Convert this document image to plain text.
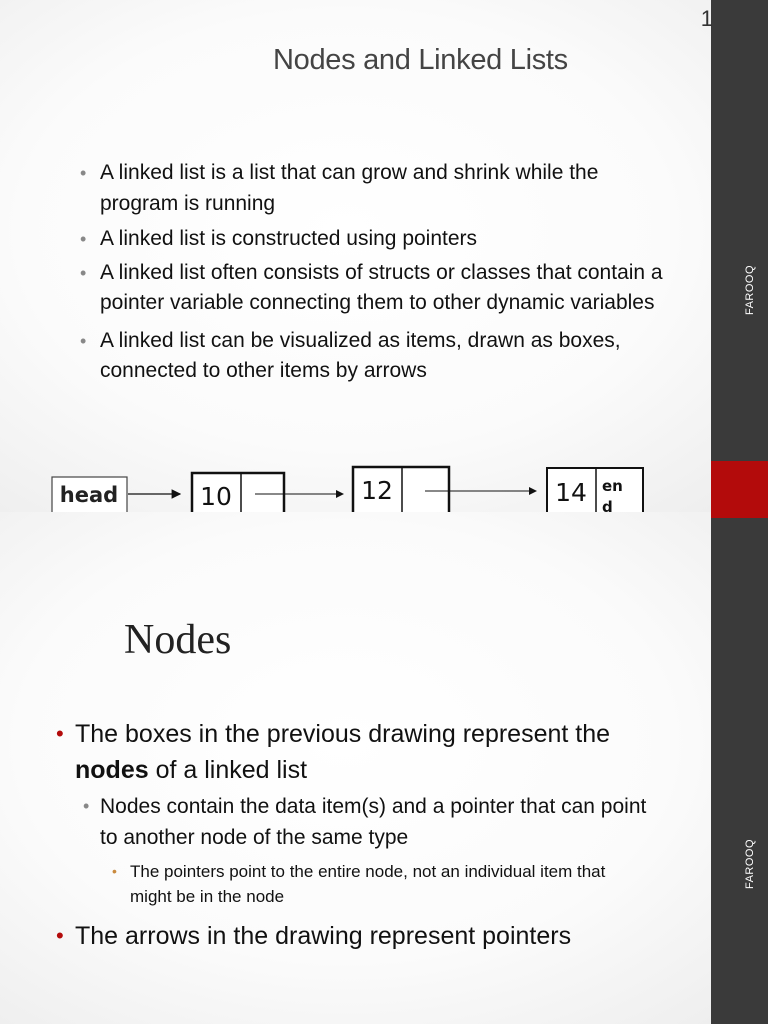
FAROOQ
1
Nodes and Linked Lists
• A linked list is a list that can grow and shrink while the program is running
• A linked list is constructed using pointers
• A linked list often consists of structs or classes that contain a pointer variable connecting them to other dynamic variables
• A linked list can be visualized as items, drawn as boxes, connected to other items by arrows
head	10	12	14 en
d
FAROOQ
Nodes
• The boxes in the previous drawing represent the nodes of a linked list
• Nodes contain the data item(s) and a pointer that can point to another node of the same type
• The pointers point to the entire node, not an individual item that might be in the node
• The arrows in the drawing represent pointers
